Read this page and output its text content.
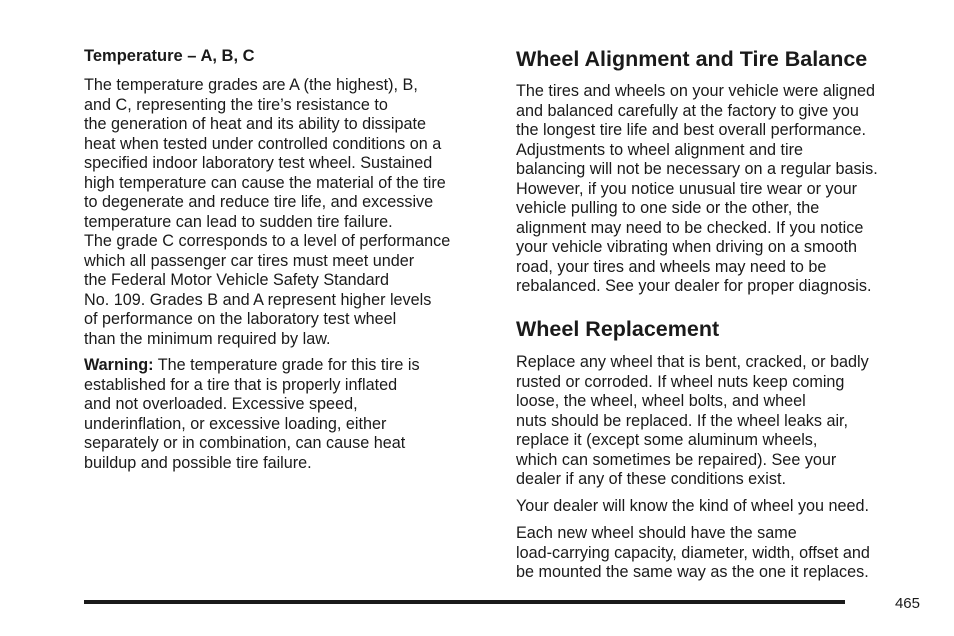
Temperature – A, B, C

The temperature grades are A (the highest), B,
and C, representing the tire’s resistance to
the generation of heat and its ability to dissipate
heat when tested under controlled conditions on a
specified indoor laboratory test wheel. Sustained
high temperature can cause the material of the tire
to degenerate and reduce tire life, and excessive
temperature can lead to sudden tire failure.
The grade C corresponds to a level of performance
which all passenger car tires must meet under
the Federal Motor Vehicle Safety Standard
No. 109. Grades B and A represent higher levels
of performance on the laboratory test wheel
than the minimum required by law.

Warning: The temperature grade for this tire is
established for a tire that is properly inflated
and not overloaded. Excessive speed,
underinflation, or excessive loading, either
separately or in combination, can cause heat
buildup and possible tire failure.

Wheel Alignment and Tire Balance

The tires and wheels on your vehicle were aligned
and balanced carefully at the factory to give you
the longest tire life and best overall performance.
Adjustments to wheel alignment and tire
balancing will not be necessary on a regular basis.
However, if you notice unusual tire wear or your
vehicle pulling to one side or the other, the
alignment may need to be checked. If you notice
your vehicle vibrating when driving on a smooth
road, your tires and wheels may need to be
rebalanced. See your dealer for proper diagnosis.

Wheel Replacement

Replace any wheel that is bent, cracked, or badly
rusted or corroded. If wheel nuts keep coming
loose, the wheel, wheel bolts, and wheel
nuts should be replaced. If the wheel leaks air,
replace it (except some aluminum wheels,
which can sometimes be repaired). See your
dealer if any of these conditions exist.

Your dealer will know the kind of wheel you need.

Each new wheel should have the same
load-carrying capacity, diameter, width, offset and
be mounted the same way as the one it replaces.

465
